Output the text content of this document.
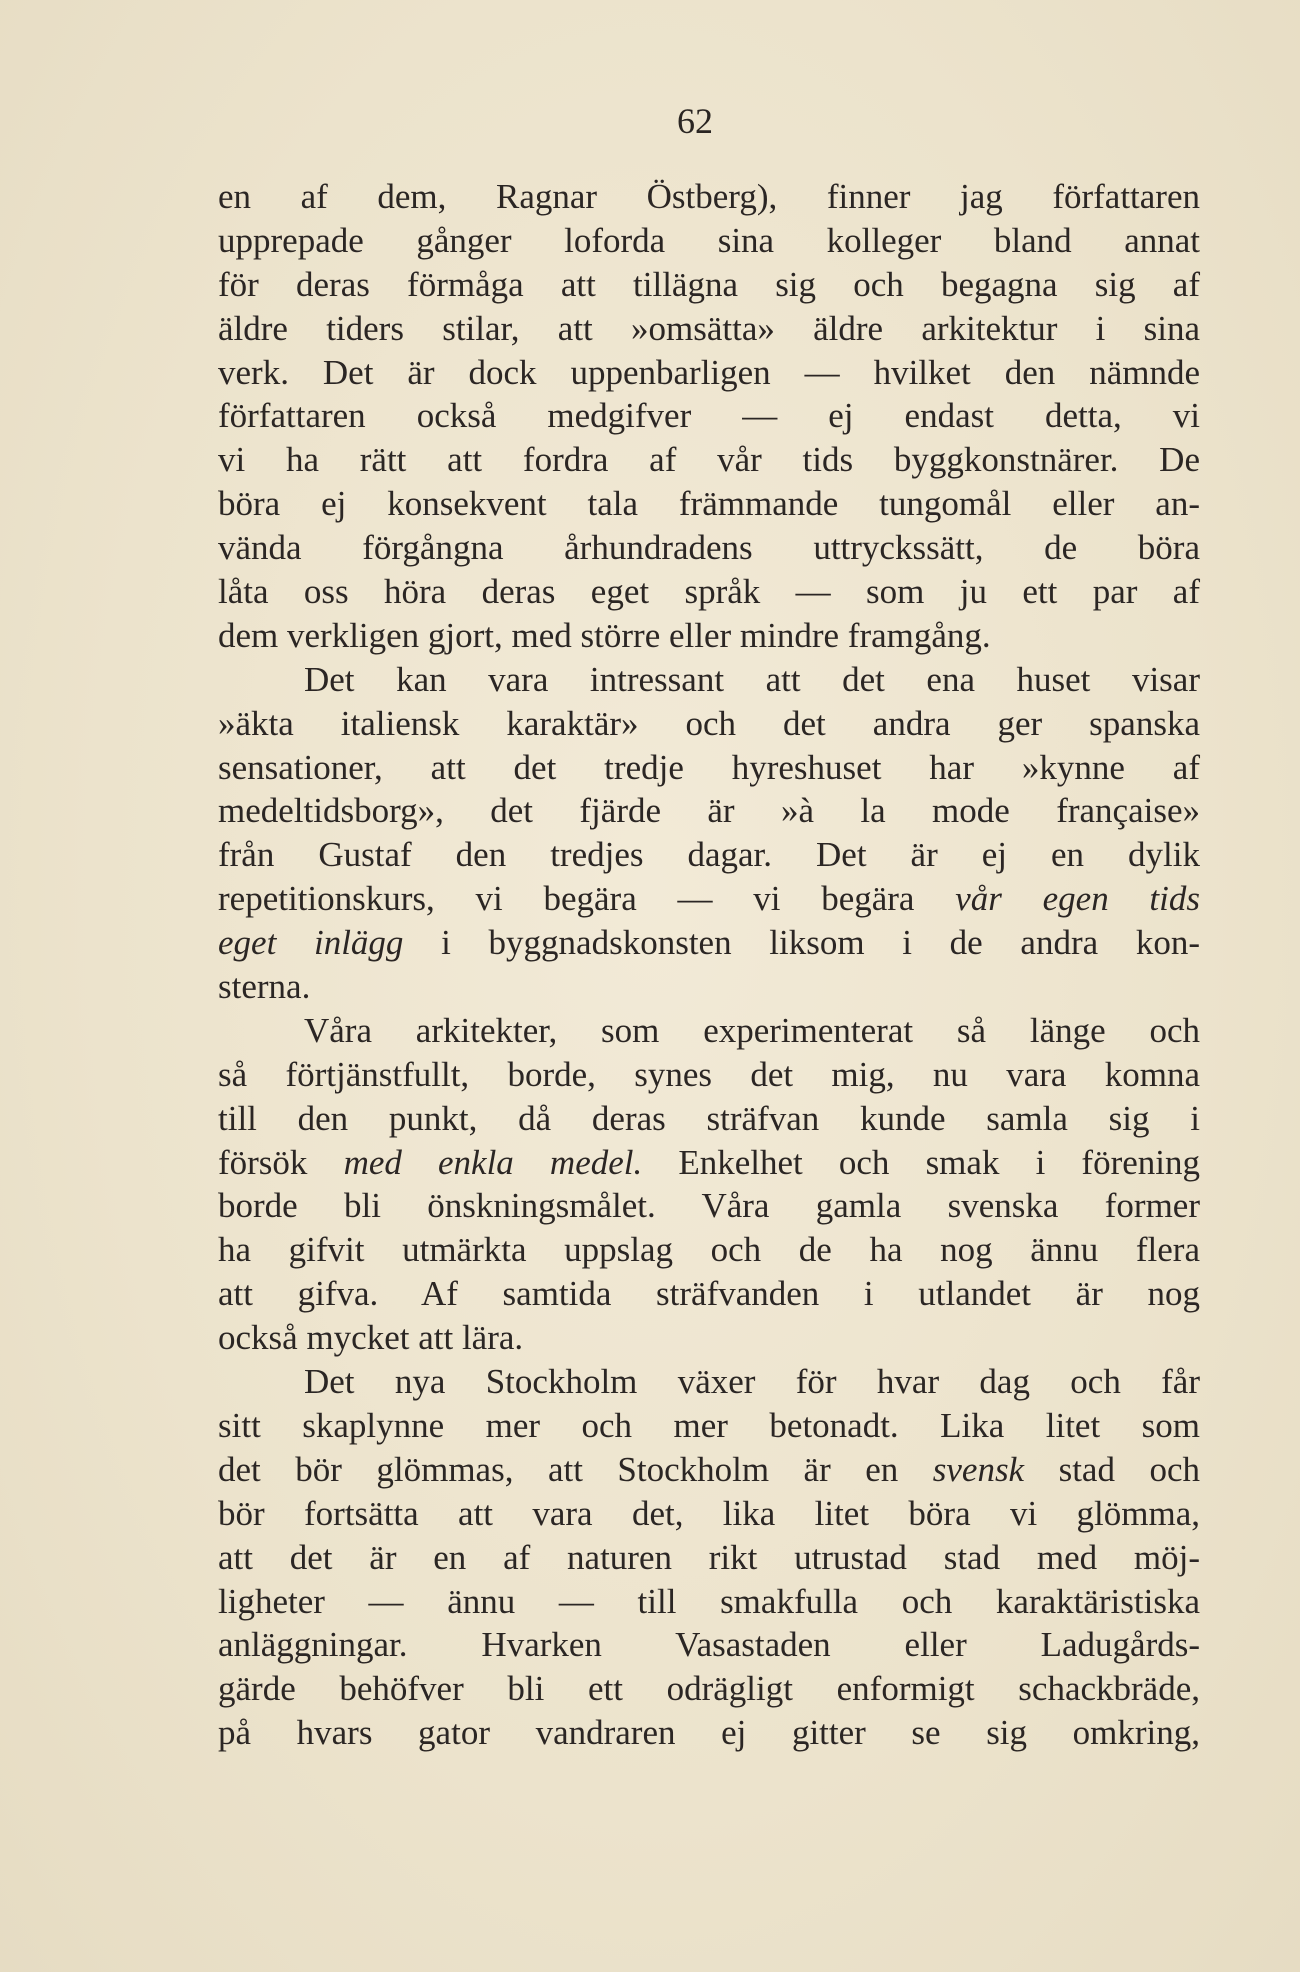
62
en af dem, Ragnar Östberg), finner jag författaren
upprepade gånger loforda sina kolleger bland annat
för deras förmåga att tillägna sig och begagna sig af
äldre tiders stilar, att »omsätta» äldre arkitektur i sina
verk. Det är dock uppenbarligen — hvilket den nämnde
författaren också medgifver — ej endast detta, vi
vi ha rätt att fordra af vår tids byggkonstnärer. De
böra ej konsekvent tala främmande tungomål eller an-
vända förgångna århundradens uttryckssätt, de böra
låta oss höra deras eget språk — som ju ett par af
dem verkligen gjort, med större eller mindre framgång.
Det kan vara intressant att det ena huset visar
»äkta italiensk karaktär» och det andra ger spanska
sensationer, att det tredje hyreshuset har »kynne af
medeltidsborg», det fjärde är »à la mode française»
från Gustaf den tredjes dagar. Det är ej en dylik
repetitionskurs, vi begära — vi begära vår egen tids
eget inlägg i byggnadskonsten liksom i de andra kon-
sterna.
Våra arkitekter, som experimenterat så länge och
så förtjänstfullt, borde, synes det mig, nu vara komna
till den punkt, då deras sträfvan kunde samla sig i
försök med enkla medel. Enkelhet och smak i förening
borde bli önskningsmålet. Våra gamla svenska former
ha gifvit utmärkta uppslag och de ha nog ännu flera
att gifva. Af samtida sträfvanden i utlandet är nog
också mycket att lära.
Det nya Stockholm växer för hvar dag och får
sitt skaplynne mer och mer betonadt. Lika litet som
det bör glömmas, att Stockholm är en svensk stad och
bör fortsätta att vara det, lika litet böra vi glömma,
att det är en af naturen rikt utrustad stad med möj-
ligheter — ännu — till smakfulla och karaktäristiska
anläggningar. Hvarken Vasastaden eller Ladugårds-
gärde behöfver bli ett odrägligt enformigt schackbräde,
på hvars gator vandraren ej gitter se sig omkring,
